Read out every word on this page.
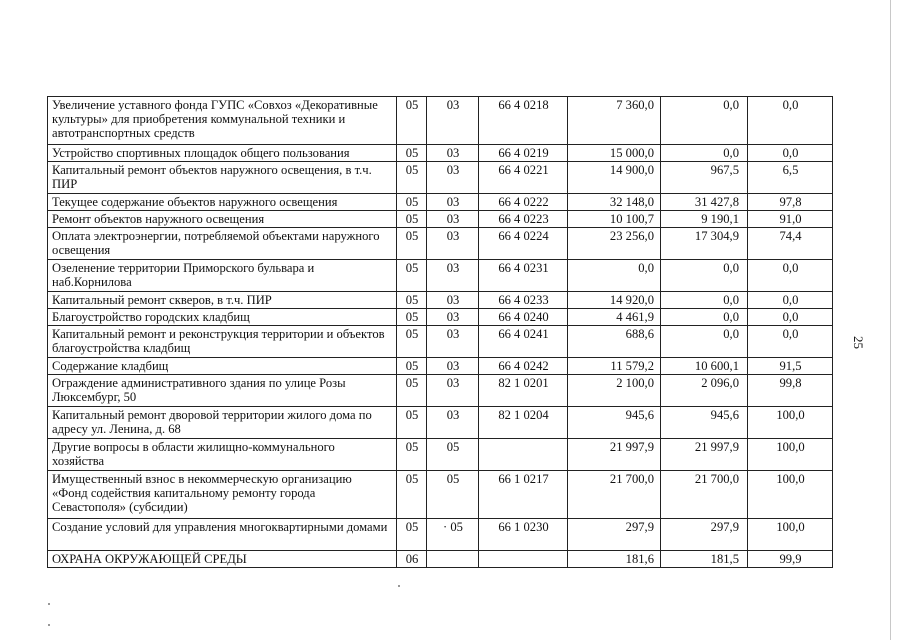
Увеличение уставного фонда ГУПС «Совхоз «Декоративные культуры» для приобретения коммунальной техники и автотранспортных средств	05	03	66 4 0218	7 360,0	0,0	0,0
Устройство спортивных площадок общего пользования	05	03	66 4 0219	15 000,0	0,0	0,0
Капитальный ремонт объектов наружного освещения, в т.ч. ПИР	05	03	66 4 0221	14 900,0	967,5	6,5
Текущее содержание объектов наружного освещения	05	03	66 4 0222	32 148,0	31 427,8	97,8
Ремонт объектов наружного освещения	05	03	66 4 0223	10 100,7	9 190,1	91,0
Оплата электроэнергии, потребляемой объектами наружного освещения	05	03	66 4 0224	23 256,0	17 304,9	74,4
Озеленение территории Приморского бульвара и наб.Корнилова	05	03	66 4 0231	0,0	0,0	0,0
Капитальный ремонт скверов, в т.ч. ПИР	05	03	66 4 0233	14 920,0	0,0	0,0
Благоустройство городских кладбищ	05	03	66 4 0240	4 461,9	0,0	0,0
Капитальный ремонт и реконструкция территории и объектов благоустройства кладбищ	05	03	66 4 0241	688,6	0,0	0,0
Содержание кладбищ	05	03	66 4 0242	11 579,2	10 600,1	91,5
Ограждение административного здания по улице Розы Люксембург, 50	05	03	82 1 0201	2 100,0	2 096,0	99,8
Капитальный ремонт дворовой территории жилого дома по адресу ул. Ленина, д. 68	05	03	82 1 0204	945,6	945,6	100,0
Другие вопросы в области жилищно-коммунального хозяйства	05	05		21 997,9	21 997,9	100,0
Имущественный взнос в некоммерческую организацию «Фонд содействия капитальному ремонту города Севастополя» (субсидии)	05	05	66 1 0217	21 700,0	21 700,0	100,0
Создание условий для управления многоквартирными домами	05	· 05	66 1 0230	297,9	297,9	100,0
ОХРАНА ОКРУЖАЮЩЕЙ СРЕДЫ	06			181,6	181,5	99,9
25
